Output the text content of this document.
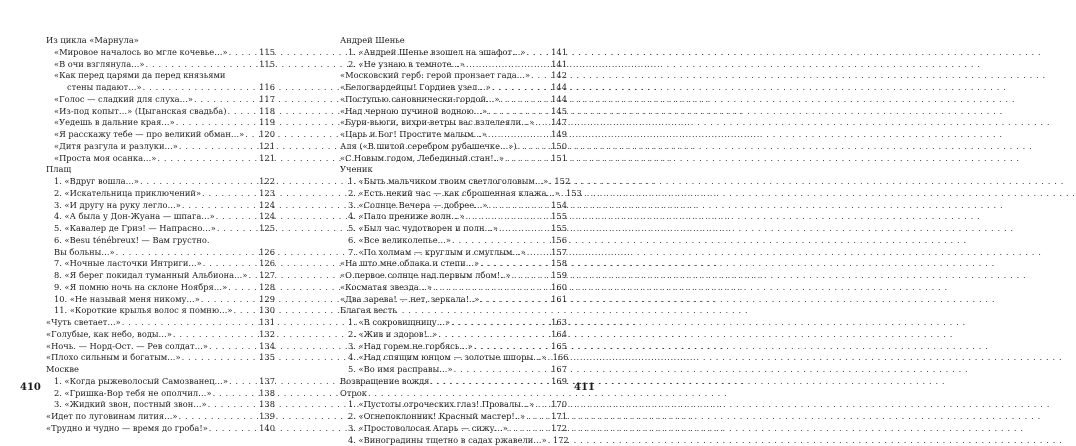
Из цикла «Марнула»
«Мировое началось во мгле кочевье…» . . .	115
«В очи взглянула…» . . .	115
«Как перед царями да перед князьями
стены падают…» . . .	116
«Голос — сладкий для слуха…» . . .	117
«Из-под копыт…» (Цыганская свадьба) . . .	118
«Уедешь в дальние края…» . . .	119
«Я расскажу тебе — про великий обман…» . . . 120
«Дитя разгула и разлуки…» . . .	121
«Проста моя осанка…» . . .	121
Плащ
1. «Вдруг вошла…» . . .	122
2. «Искательница приключений» . . .	123
3. «И другу на руку легло…» . . .	124
4. «А была у Дон-Жуана — шпага…» . . .	124
5. «Кавалер де Гриэ! — Напрасно…» . . .	125
6. «Besu ténébreux! — Вам грустно.
Вы больны…» . . .	126
7. «Ночные ласточки Интриги…» . . .	126
8. «Я берег покидал туманный Альбиона…» . . . 127
9. «Я помню ночь на склоне Ноября…» . . .	128
10. «Не называй меня никому…» . . .	129
11. «Короткие крылья волос я помню…» . . .	130
«Чуть светает…» . . .	131
«Голубые, как небо, воды…» . . .	132
«Ночь. — Норд-Ост. — Рев солдат…» . . .	134
«Плохо сильным и богатым…» . . .	135
Москве
1. «Когда рыжеволосый Самозванец…» . . .	137
2. «Гришка-Вор тебя не ополчил…» . . .	138
3. «Жидкий звон, постный звон…» . . .	138
«Идет по луговинам лития…» . . .	139
«Трудно и чудно — время до гроба!» . . .	140
410
Андрей Шенье
1. «Андрей Шенье взошел на эшафот…» . . .	141
2. «Не узнаю в темноте…» . . .	141
«Московский герб: герой пронзает гада…» . . .	142
«Белогвардейцы! Гордиев узел…» . . .	144
«Поступью сановнически-гордой…» . . .	144
«Над черною пучиной водною…» . . .	145
«Бури-вьюги, вихри-ветры вас взлелеяли…» . . . 147
«Царь и Бог! Простите малым…» . . .	149
Аля («В шитой серебром рубашечке…») . . .	150
«С Новым годом, Лебединый стан!..» . . .	151
Ученик
1. «Быть мальчиком твоим светлоголовым…» . . . 152
2. «Есть некий час — как сброшенная клажа…» . . . 153
3. «Солнце Вечера — добрее…» . . .	154
4. «Пало прениже волн…» . . .	155
5. «Был час чудотворен и полн…» . . .	155
6. «Все великолепье…» . . .	156
7. «По холмам — круглым и смуглым…» . . .	157
«На што мне облака и степи…» . . .	158
«О первое солнце над первым лбом!..» . . .	159
«Косматая звезда…» . . .	160
«Два зарева! — нет, зеркала!..» . . .	161
Благая весть
1. «В сокровищницу…» . . .	163
2. «Жив и здоров!..» . . .	164
3. «Над горем не горбясь…» . . .	165
4. «Над спящим юнцом — золотые шпоры…» . . . 166
5. «Во имя расправы…» . . .	167
Возвращение вождя . . .	169
Отрок
1. «Пустоты отроческих глаз! Провалы…» . . . 170
2. «Огнепоклонник! Красный мастер!..» . . .	171
3. «Простоволосая Агарь — сижу…» . . .	172
4. «Виноградины тщетно в садах ржавели…» . . . 172
411
